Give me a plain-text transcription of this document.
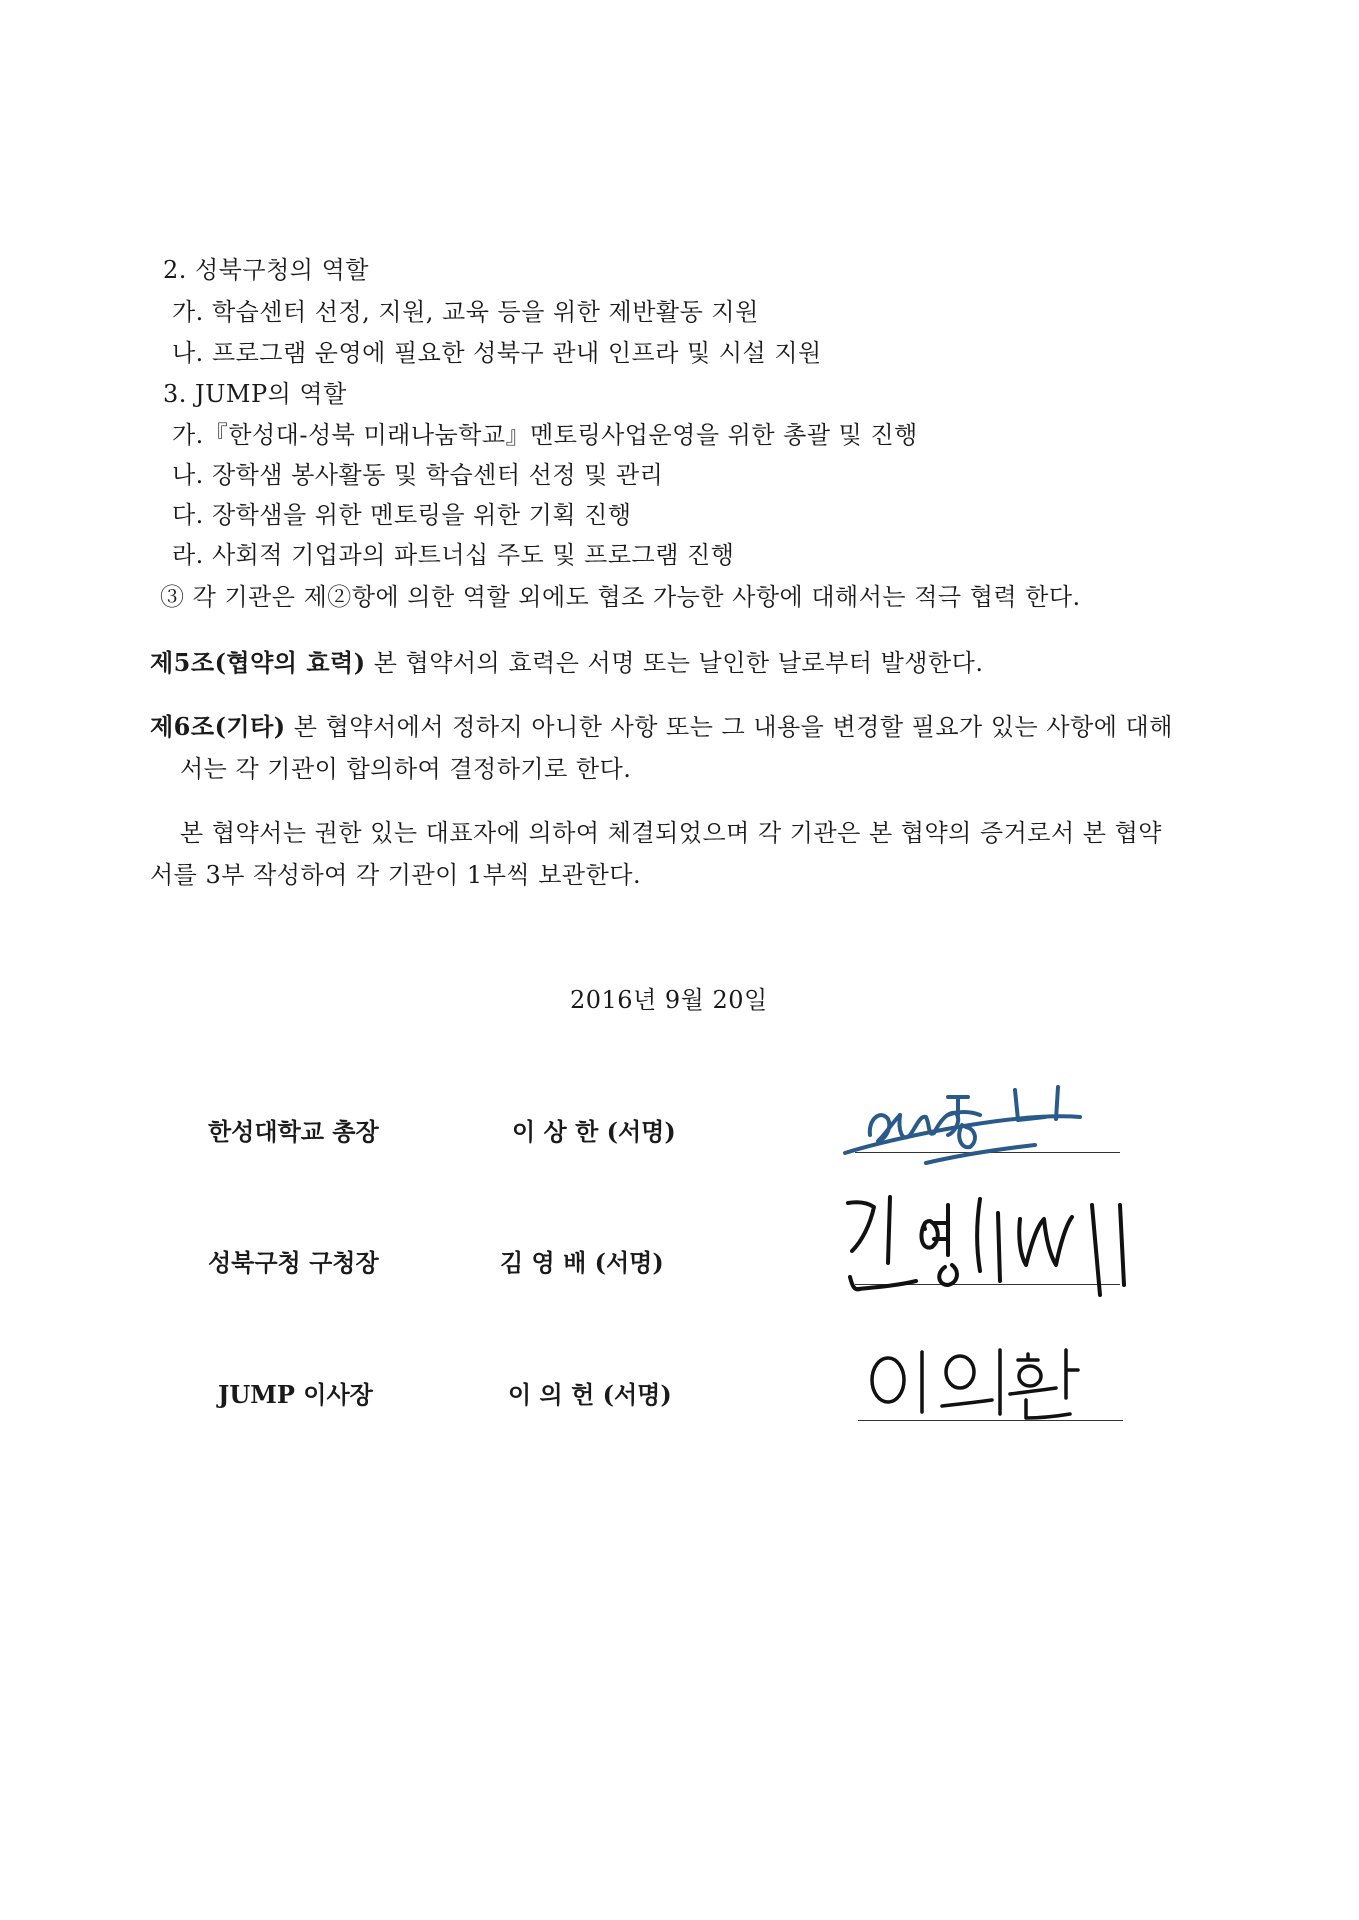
2. 성북구청의 역할
가. 학습센터 선정, 지원, 교육 등을 위한 제반활동 지원
나. 프로그램 운영에 필요한 성북구 관내 인프라 및 시설 지원
3. JUMP의 역할
가.『한성대-성북 미래나눔학교』멘토링사업운영을 위한 총괄 및 진행
나. 장학샘 봉사활동 및 학습센터 선정 및 관리
다. 장학샘을 위한 멘토링을 위한 기획 진행
라. 사회적 기업과의 파트너십 주도 및 프로그램 진행
③ 각 기관은 제②항에 의한 역할 외에도 협조 가능한 사항에 대해서는 적극 협력 한다.
제5조(협약의 효력) 본 협약서의 효력은 서명 또는 날인한 날로부터 발생한다.
제6조(기타) 본 협약서에서 정하지 아니한 사항 또는 그 내용을 변경할 필요가 있는 사항에 대해
서는 각 기관이 합의하여 결정하기로 한다.
본 협약서는 권한 있는 대표자에 의하여 체결되었으며 각 기관은 본 협약의 증거로서 본 협약
서를 3부 작성하여 각 기관이 1부씩 보관한다.
2016년 9월 20일
한성대학교 총장	이 상 한 (서명)
성북구청 구청장	김 영 배 (서명)
JUMP 이사장	이 의 헌 (서명)
